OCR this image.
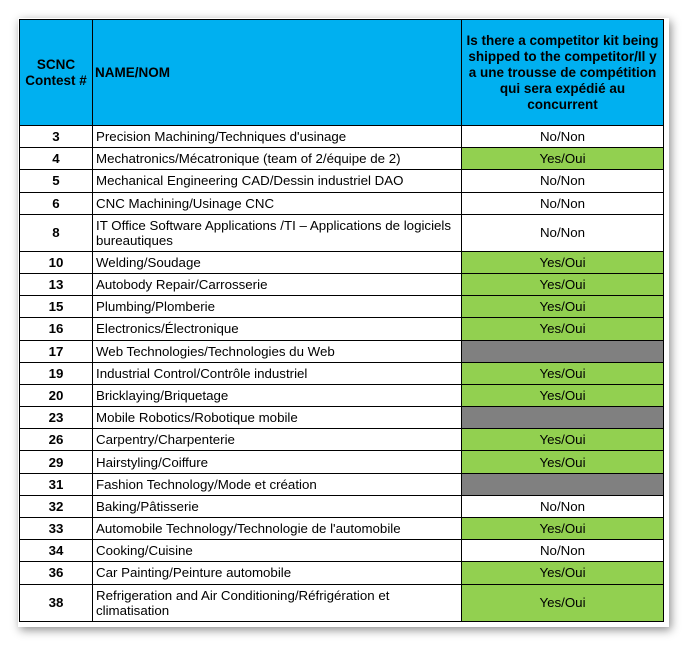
SCNC Contest #	NAME/NOM	Is there a competitor kit being shipped to the competitor/Il y a une trousse de compétition qui sera expédié au concurrent
3	Precision Machining/Techniques d'usinage	No/Non
4	Mechatronics/Mécatronique (team of 2/équipe de 2)	Yes/Oui
5	Mechanical Engineering CAD/Dessin industriel DAO	No/Non
6	CNC Machining/Usinage CNC	No/Non
8	IT Office Software Applications /TI – Applications de logiciels bureautiques	No/Non
10	Welding/Soudage	Yes/Oui
13	Autobody Repair/Carrosserie	Yes/Oui
15	Plumbing/Plomberie	Yes/Oui
16	Electronics/Électronique	Yes/Oui
17	Web Technologies/Technologies du Web	
19	Industrial Control/Contrôle industriel	Yes/Oui
20	Bricklaying/Briquetage	Yes/Oui
23	Mobile Robotics/Robotique mobile	
26	Carpentry/Charpenterie	Yes/Oui
29	Hairstyling/Coiffure	Yes/Oui
31	Fashion Technology/Mode et création	
32	Baking/Pâtisserie	No/Non
33	Automobile Technology/Technologie de l'automobile	Yes/Oui
34	Cooking/Cuisine	No/Non
36	Car Painting/Peinture automobile	Yes/Oui
38	Refrigeration and Air Conditioning/Réfrigération et climatisation	Yes/Oui
